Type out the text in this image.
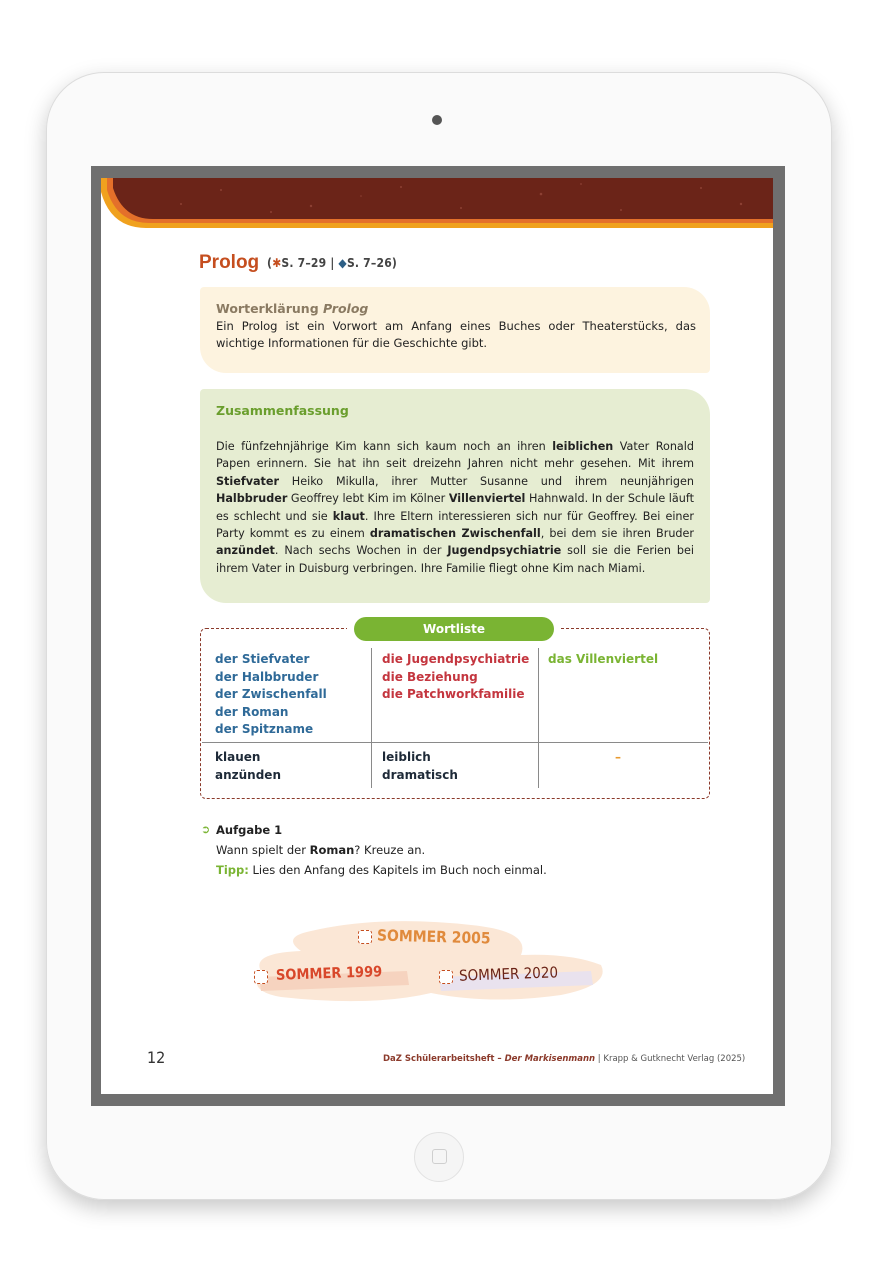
Prolog (✱S. 7–29 | ◆S. 7–26)
Worterklärung Prolog
Ein Prolog ist ein Vorwort am Anfang eines Buches oder Theaterstücks, das wichtige Informationen für die Geschichte gibt.
Zusammenfassung
Die fünfzehnjährige Kim kann sich kaum noch an ihren leiblichen Vater Ronald Papen erinnern. Sie hat ihn seit dreizehn Jahren nicht mehr gesehen. Mit ihrem Stiefvater Heiko Mikulla, ihrer Mutter Susanne und ihrem neunjährigen Halbbruder Geoffrey lebt Kim im Kölner Villenviertel Hahnwald. In der Schule läuft es schlecht und sie klaut. Ihre Eltern interessieren sich nur für Geoffrey. Bei einer Party kommt es zu einem dramatischen Zwischenfall, bei dem sie ihren Bruder anzündet. Nach sechs Wochen in der Jugendpsychiatrie soll sie die Ferien bei ihrem Vater in Duisburg verbringen. Ihre Familie fliegt ohne Kim nach Miami.
Wortliste
der Stiefvater
der Halbbruder
der Zwischenfall
der Roman
der Spitzname
die Jugendpsychiatrie
die Beziehung
die Patchworkfamilie
das Villenviertel
klauen
anzünden
leiblich
dramatisch
–
➲ Aufgabe 1
Wann spielt der Roman? Kreuze an.
Tipp: Lies den Anfang des Kapitels im Buch noch einmal.
SOMMER 2005
SOMMER 1999	SOMMER 2020
12	DaZ Schülerarbeitsheft – Der Markisenmann | Krapp & Gutknecht Verlag (2025)
